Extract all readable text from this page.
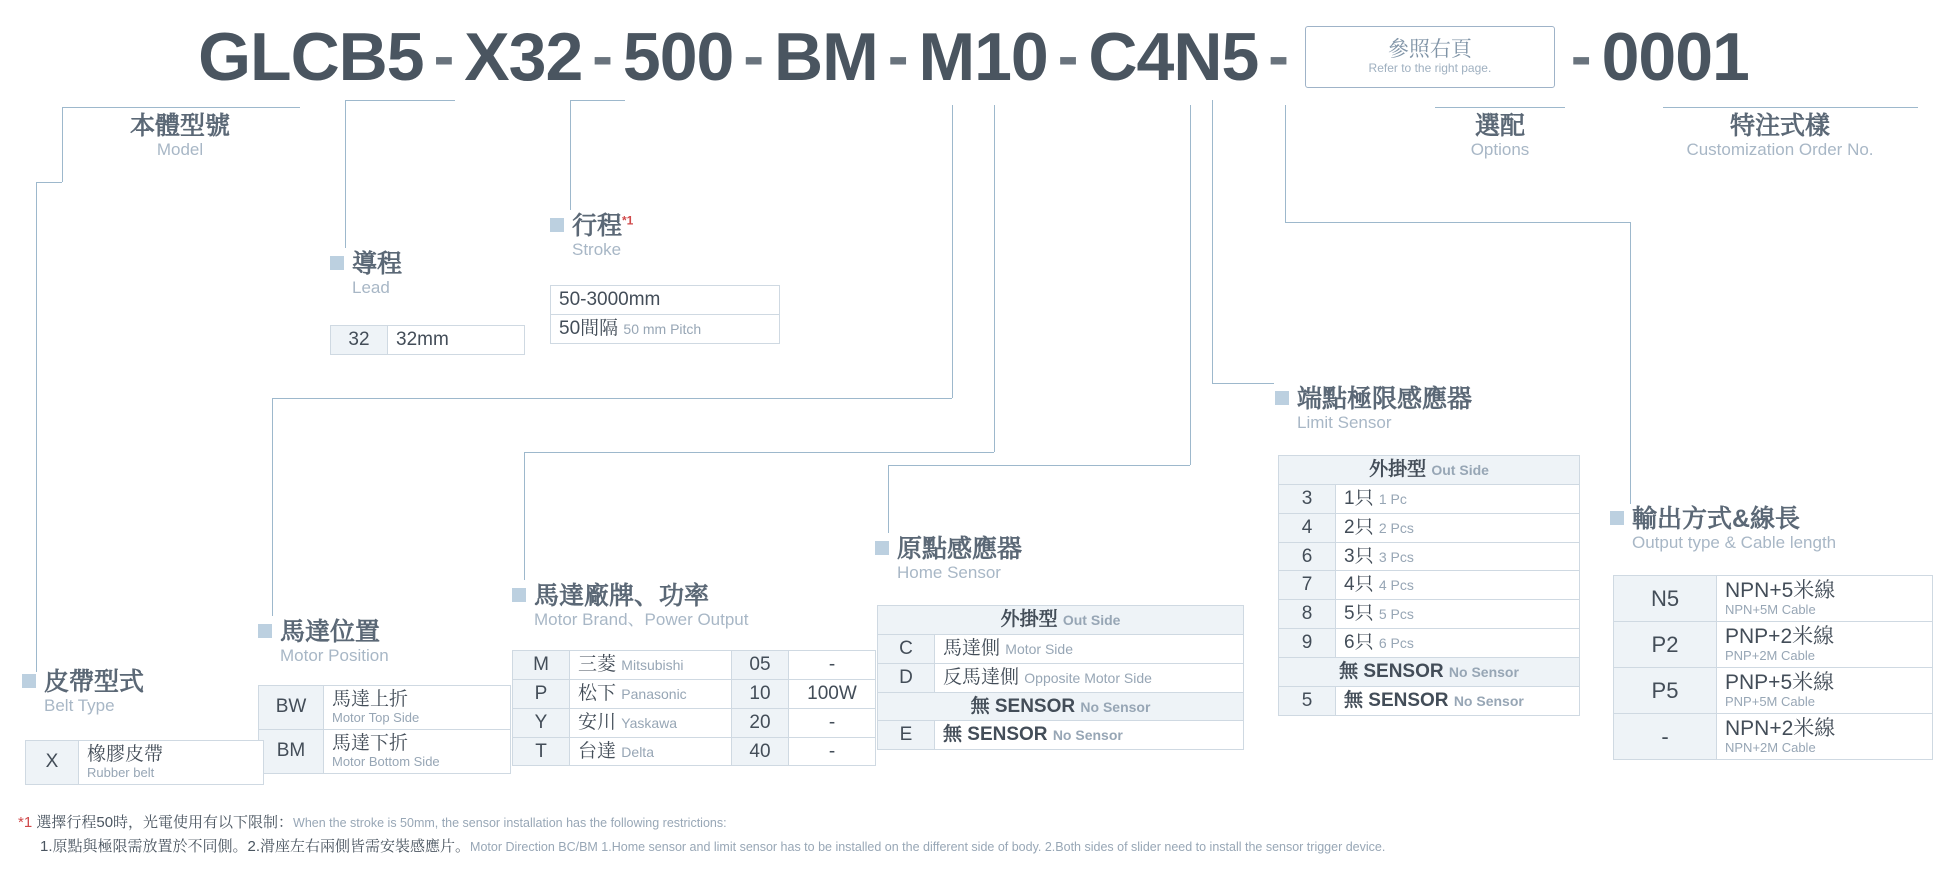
GLCB5 - X32 - 500 - BM - M10 - C4N5 -	參照右頁
Refer to the right page. - 0001
本體型號
Model
選配
Options
特注式樣
Customization Order No.
導程
Lead
32	32mm
行程$^{*1}$
Stroke
50-3000mm
50間隔 50 mm Pitch
端點極限感應器
Limit Sensor
外掛型 Out Side	
3	1只 1 Pc
4	2只 2 Pcs
6	3只 3 Pcs
7	4只 4 Pcs
8	5只 5 Pcs
9	6只 6 Pcs
無 SENSOR No Sensor	
5	無 SENSOR No Sensor
輸出方式&線長
Output type & Cable length
N5	NPN+5米線
NPN+5M Cable

P2	PNP+2米線
PNP+2M Cable

P5	PNP+5米線
PNP+5M Cable

-	NPN+2米線
NPN+2M Cable
原點感應器
Home Sensor
外掛型 Out Side	
C	馬達側 Motor Side
D	反馬達側 Opposite Motor Side
無 SENSOR No Sensor	
E	無 SENSOR No Sensor
馬達廠牌、功率
Motor Brand、Power Output
M	三菱 Mitsubishi	05	-
P	松下 Panasonic	10	100W
Y	安川 Yaskawa	20	-
T	台達 Delta	40	-
馬達位置
Motor Position
BW	馬達上折
Motor Top Side

BM	馬達下折
Motor Bottom Side
皮帶型式
Belt Type
X	橡膠皮帶
Rubber belt
*1 選擇行程50時，光電使用有以下限制：When the stroke is 50mm, the sensor installation has the following restrictions:
1.原點與極限需放置於不同側。2.滑座左右兩側皆需安裝感應片。Motor Direction BC/BM 1.Home sensor and limit sensor has to be installed on the different side of body. 2.Both sides of slider need to install the sensor trigger device.
